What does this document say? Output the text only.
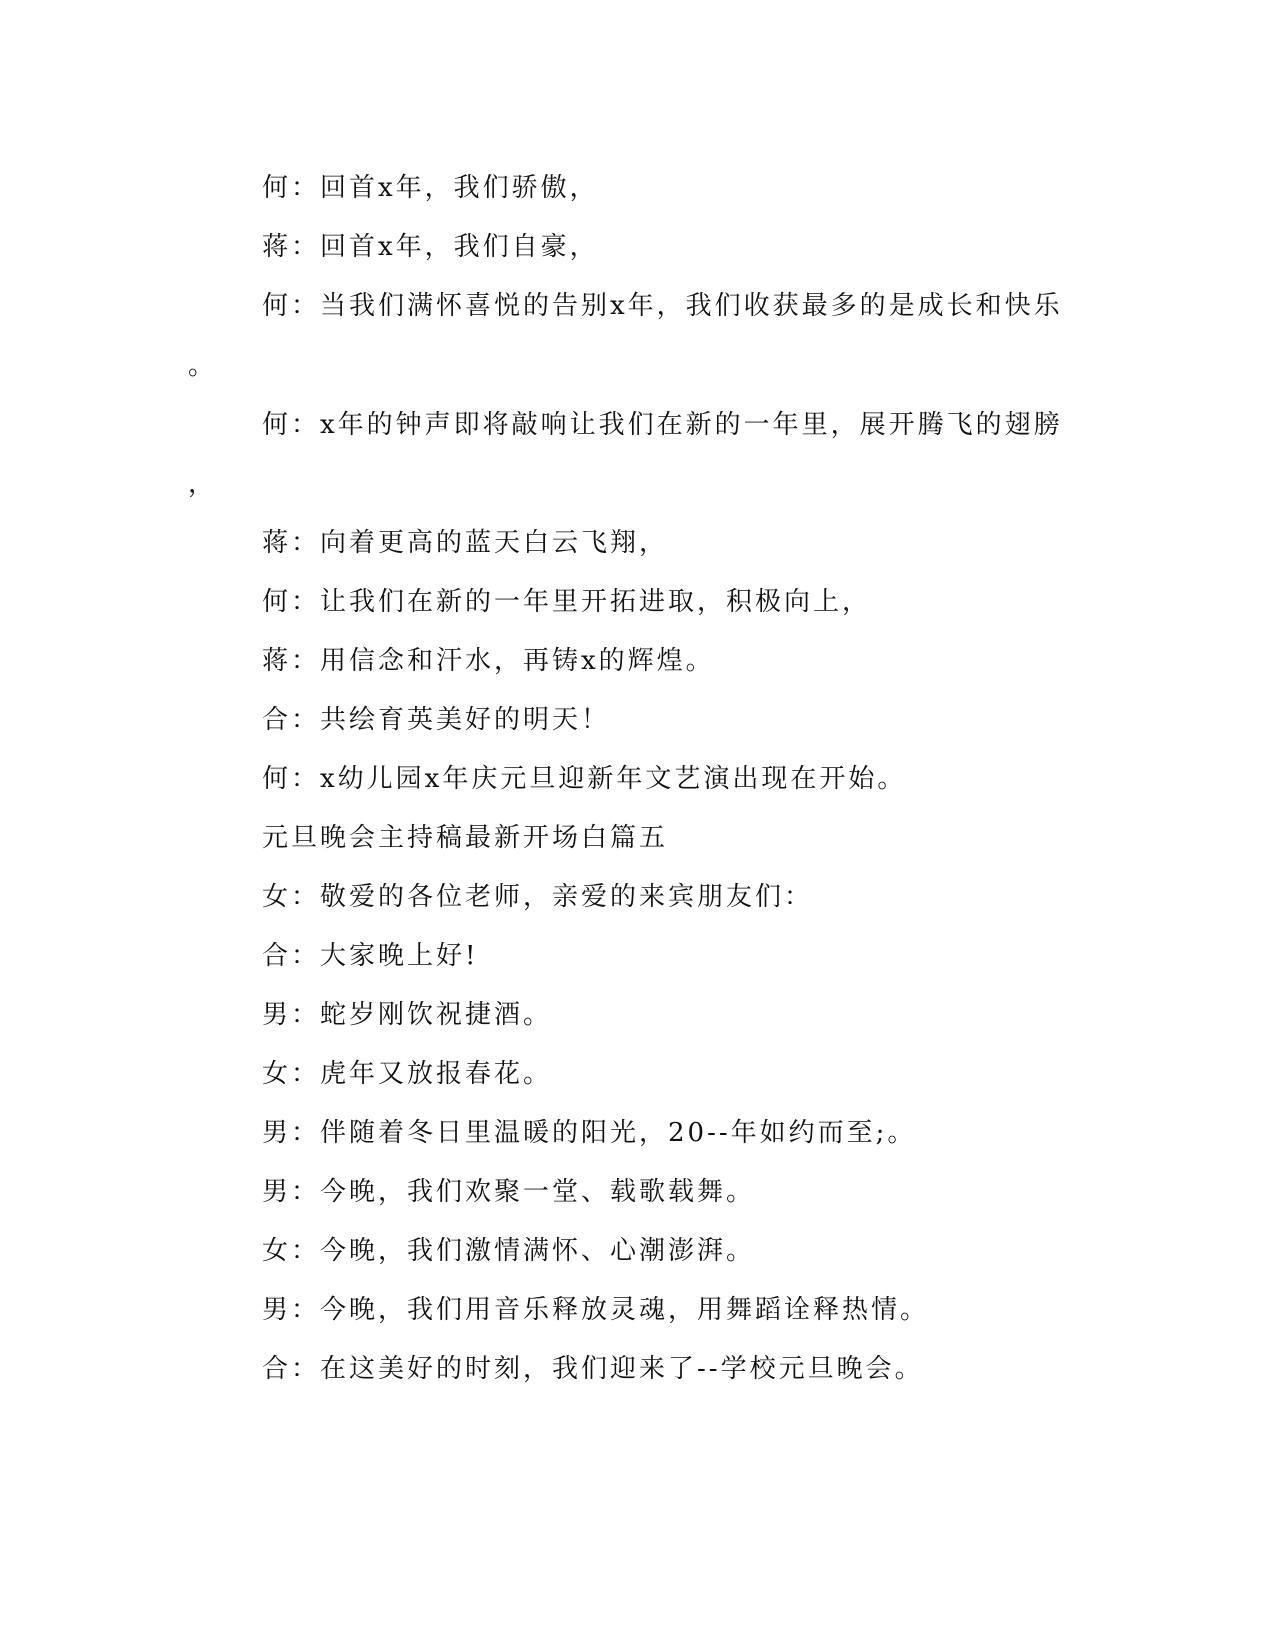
何：回首x年，我们骄傲，
蒋：回首x年，我们自豪，
何：当我们满怀喜悦的告别x年，我们收获最多的是成长和快乐
。
何：x年的钟声即将敲响让我们在新的一年里，展开腾飞的翅膀
，
蒋：向着更高的蓝天白云飞翔，
何：让我们在新的一年里开拓进取，积极向上，
蒋：用信念和汗水，再铸x的辉煌。
合：共绘育英美好的明天！
何：x幼儿园x年庆元旦迎新年文艺演出现在开始。
元旦晚会主持稿最新开场白篇五
女：敬爱的各位老师，亲爱的来宾朋友们：
合：大家晚上好!
男：蛇岁刚饮祝捷酒。
女：虎年又放报春花。
男：伴随着冬日里温暖的阳光，20--年如约而至;。
男：今晚，我们欢聚一堂、载歌载舞。
女：今晚，我们激情满怀、心潮澎湃。
男：今晚，我们用音乐释放灵魂，用舞蹈诠释热情。
合：在这美好的时刻，我们迎来了--学校元旦晚会。
